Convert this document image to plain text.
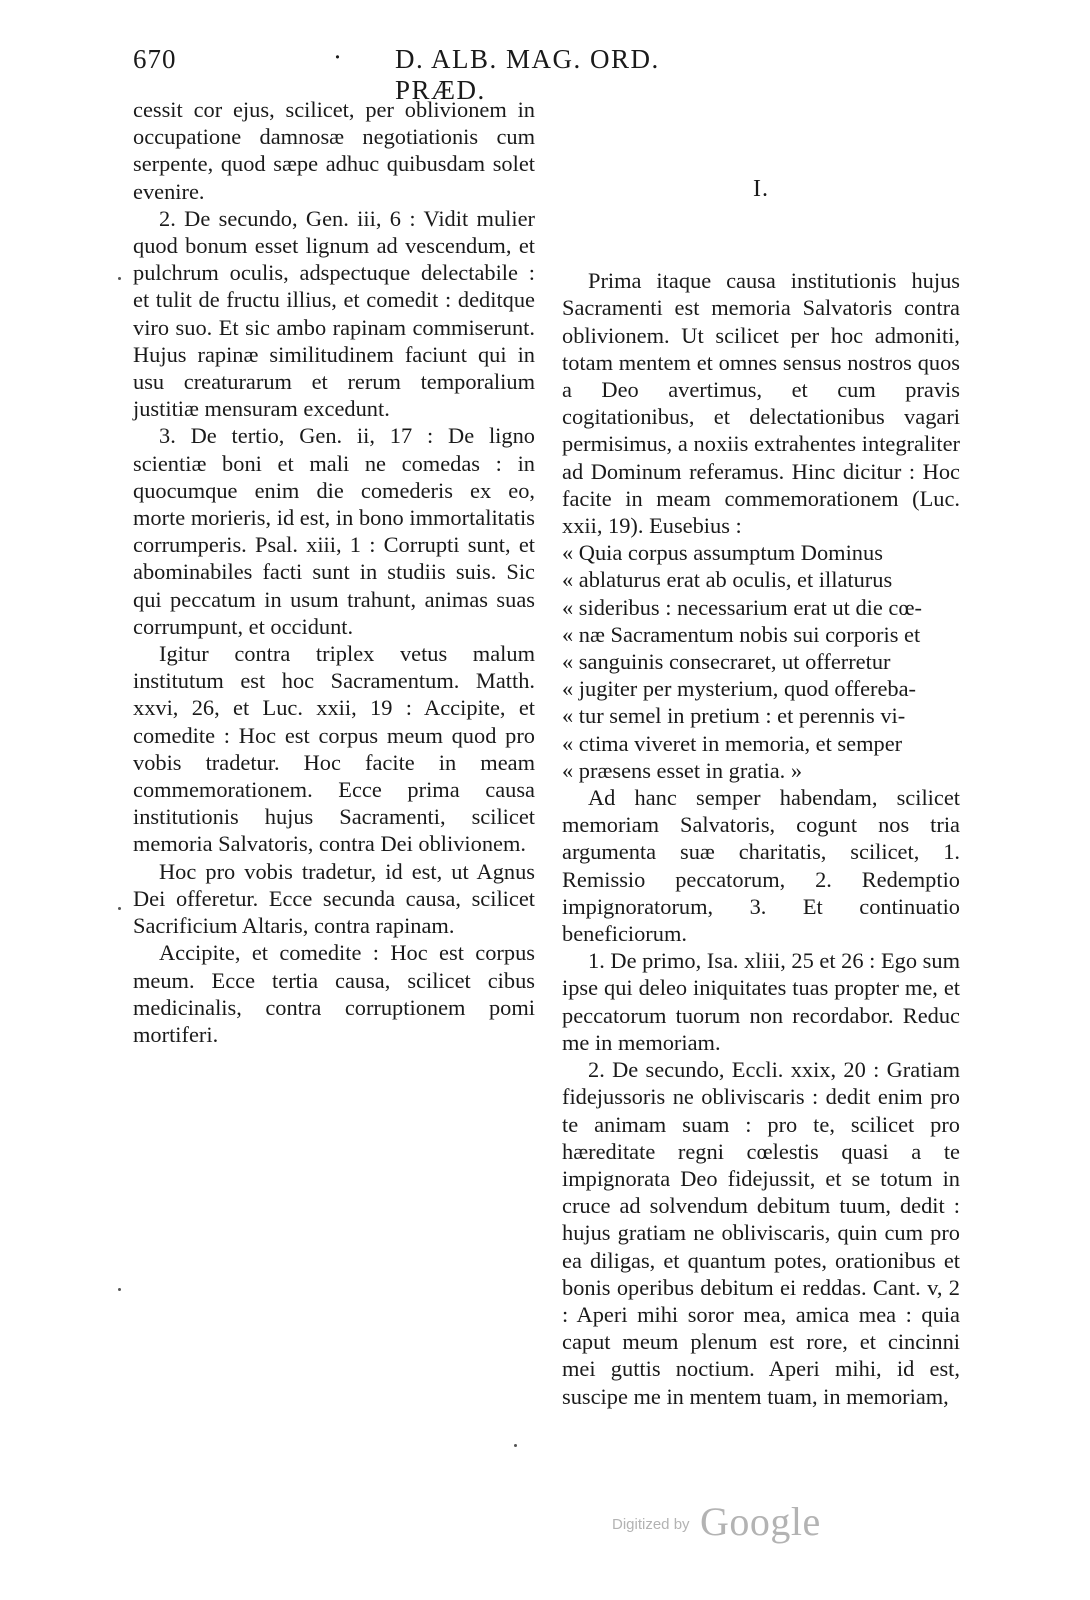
670	· D. ALB. MAG. ORD. PRÆD.

cessit cor ejus, scilicet, per oblivionem in occupatione damnosæ negotiationis cum serpente, quod sæpe adhuc quibusdam solet evenire.

2. De secundo, Gen. iii, 6 : Vidit mulier quod bonum esset lignum ad vescendum, et pulchrum oculis, adspectuque delectabile : et tulit de fructu illius, et comedit : deditque viro suo. Et sic ambo rapinam commiserunt. Hujus rapinæ similitudinem faciunt qui in usu creaturarum et rerum temporalium justitiæ mensuram excedunt.

3. De tertio, Gen. ii, 17 : De ligno scientiæ boni et mali ne comedas : in quocumque enim die comederis ex eo, morte morieris, id est, in bono immortalitatis corrumperis. Psal. xiii, 1 : Corrupti sunt, et abominabiles facti sunt in studiis suis. Sic qui peccatum in usum trahunt, animas suas corrumpunt, et occidunt.

Igitur contra triplex vetus malum institutum est hoc Sacramentum. Matth. xxvi, 26, et Luc. xxii, 19 : Accipite, et comedite : Hoc est corpus meum quod pro vobis tradetur. Hoc facite in meam commemorationem. Ecce prima causa institutionis hujus Sacramenti, scilicet memoria Salvatoris, contra Dei oblivionem.

Hoc pro vobis tradetur, id est, ut Agnus Dei offeretur. Ecce secunda causa, scilicet Sacrificium Altaris, contra rapinam.

Accipite, et comedite : Hoc est corpus meum. Ecce tertia causa, scilicet cibus medicinalis, contra corruptionem pomi mortiferi.

I.

Prima itaque causa institutionis hujus Sacramenti est memoria Salvatoris contra oblivionem. Ut scilicet per hoc admoniti, totam mentem et omnes sensus nostros quos a Deo avertimus, et cum pravis cogitationibus, et delectationibus vagari permisimus, a noxiis extrahentes integraliter ad Dominum referamus. Hinc dicitur : Hoc facite in meam commemorationem (Luc. xxii, 19). Eusebius :

« Quia corpus assumptum Dominus

« ablaturus erat ab oculis, et illaturus

« sideribus : necessarium erat ut die cœ-

« næ Sacramentum nobis sui corporis et

« sanguinis consecraret, ut offerretur

« jugiter per mysterium, quod offereba-

« tur semel in pretium : et perennis vi-

« ctima viveret in memoria, et semper

« præsens esset in gratia. »

Ad hanc semper habendam, scilicet memoriam Salvatoris, cogunt nos tria argumenta suæ charitatis, scilicet, 1. Remissio peccatorum, 2. Redemptio impignoratorum, 3. Et continuatio beneficiorum.

1. De primo, Isa. xliii, 25 et 26 : Ego sum ipse qui deleo iniquitates tuas propter me, et peccatorum tuorum non recordabor. Reduc me in memoriam.

2. De secundo, Eccli. xxix, 20 : Gratiam fidejussoris ne obliviscaris : dedit enim pro te animam suam : pro te, scilicet pro hæreditate regni cœlestis quasi a te impignorata Deo fidejussit, et se totum in cruce ad solvendum debitum tuum, dedit : hujus gratiam ne obliviscaris, quin cum pro ea diligas, et quantum potes, orationibus et bonis operibus debitum ei reddas. Cant. v, 2 : Aperi mihi soror mea, amica mea : quia caput meum plenum est rore, et cincinni mei guttis noctium. Aperi mihi, id est, suscipe me in mentem tuam, in memoriam,

Digitized by Google
